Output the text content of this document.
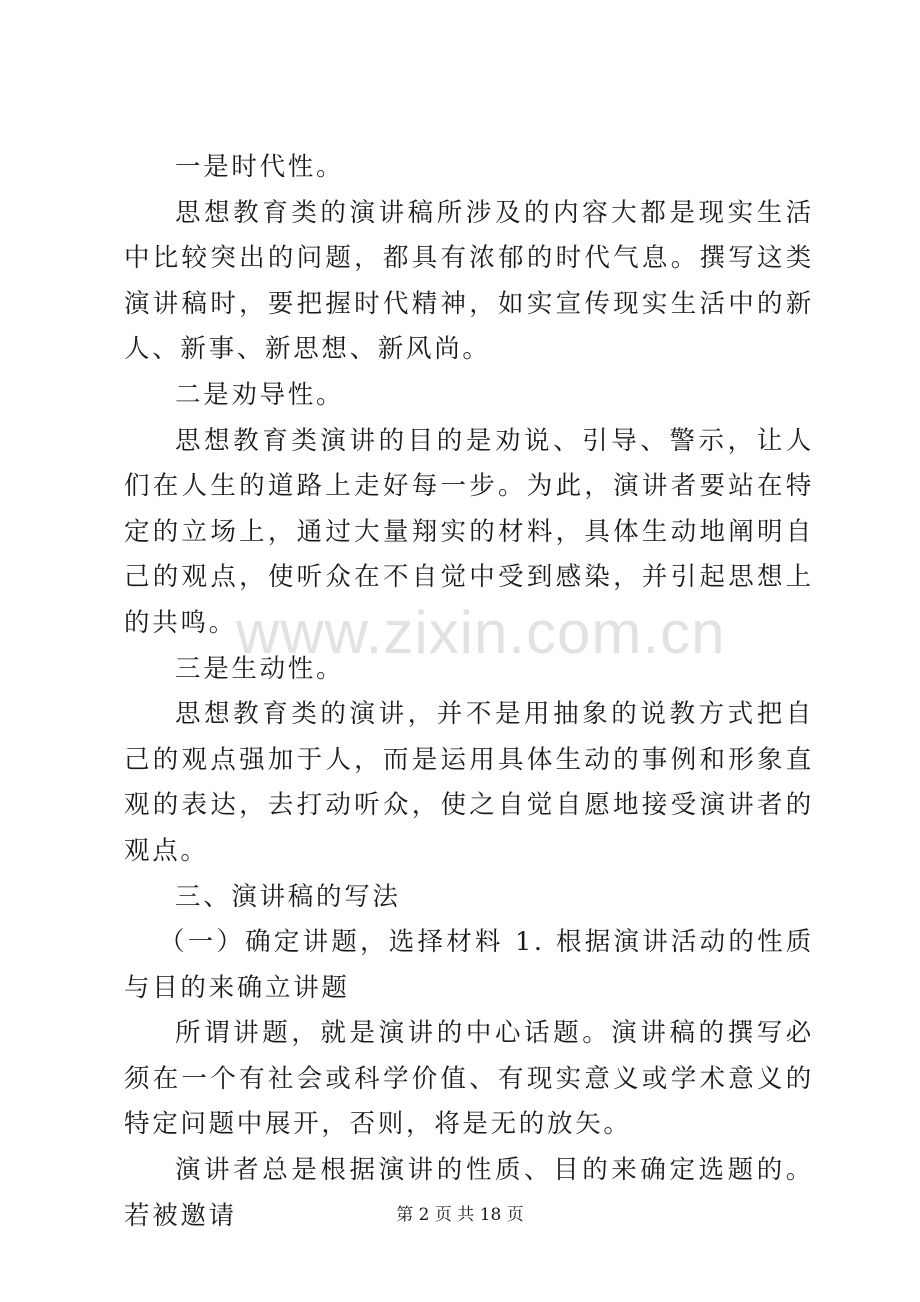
一是时代性。

思想教育类的演讲稿所涉及的内容大都是现实生活中比较突出的问题，都具有浓郁的时代气息。撰写这类演讲稿时，要把握时代精神，如实宣传现实生活中的新人、新事、新思想、新风尚。

二是劝导性。

思想教育类演讲的目的是劝说、引导、警示，让人们在人生的道路上走好每一步。为此，演讲者要站在特定的立场上，通过大量翔实的材料，具体生动地阐明自己的观点，使听众在不自觉中受到感染，并引起思想上的共鸣。

三是生动性。

思想教育类的演讲，并不是用抽象的说教方式把自己的观点强加于人，而是运用具体生动的事例和形象直观的表达，去打动听众，使之自觉自愿地接受演讲者的观点。

三、演讲稿的写法

（一）确定讲题，选择材料 1. 根据演讲活动的性质与目的来确立讲题

所谓讲题，就是演讲的中心话题。演讲稿的撰写必须在一个有社会或科学价值、有现实意义或学术意义的特定问题中展开，否则，将是无的放矢。

演讲者总是根据演讲的性质、目的来确定选题的。若被邀请

www.zixin.com.cn
第 2 页 共 18 页
